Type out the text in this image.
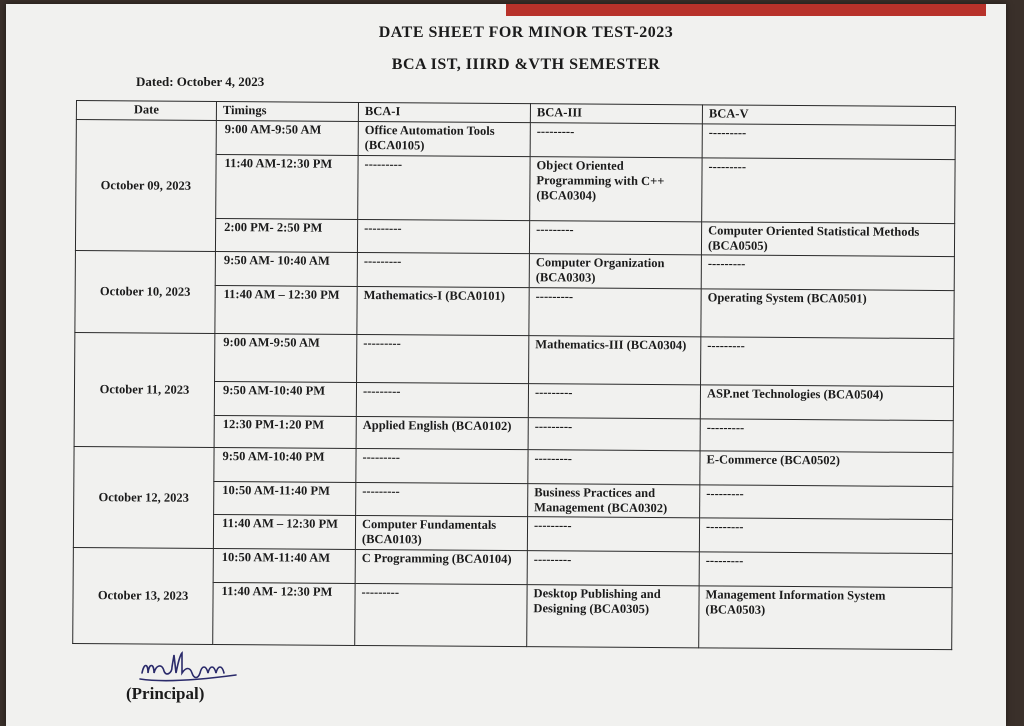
DATE SHEET FOR MINOR TEST-2023
BCA IST, IIIRD &VTH SEMESTER
Dated: October 4, 2023
Date	Timings	BCA-I	BCA-III	BCA-V
October 09, 2023	9:00 AM-9:50 AM	Office Automation Tools (BCA0105)	---------	---------
	11:40 AM-12:30 PM	---------	Object Oriented Programming with C++ (BCA0304)	---------
	2:00 PM- 2:50 PM	---------	---------	Computer Oriented Statistical Methods (BCA0505)
October 10, 2023	9:50 AM- 10:40 AM	---------	Computer Organization (BCA0303)	---------
	11:40 AM – 12:30 PM	Mathematics-I (BCA0101)	---------	Operating System (BCA0501)
October 11, 2023	9:00 AM-9:50 AM	---------	Mathematics-III (BCA0304)	---------
	9:50 AM-10:40 PM	---------	---------	ASP.net Technologies (BCA0504)
	12:30 PM-1:20 PM	Applied English (BCA0102)	---------	---------
October 12, 2023	9:50 AM-10:40 PM	---------	---------	E-Commerce (BCA0502)
	10:50 AM-11:40 PM	---------	Business Practices and Management (BCA0302)	---------
	11:40 AM – 12:30 PM	Computer Fundamentals (BCA0103)	---------	---------
October 13, 2023	10:50 AM-11:40 AM	C Programming (BCA0104)	---------	---------
	11:40 AM- 12:30 PM	---------	Desktop Publishing and Designing (BCA0305)	Management Information System (BCA0503)
(Principal)
